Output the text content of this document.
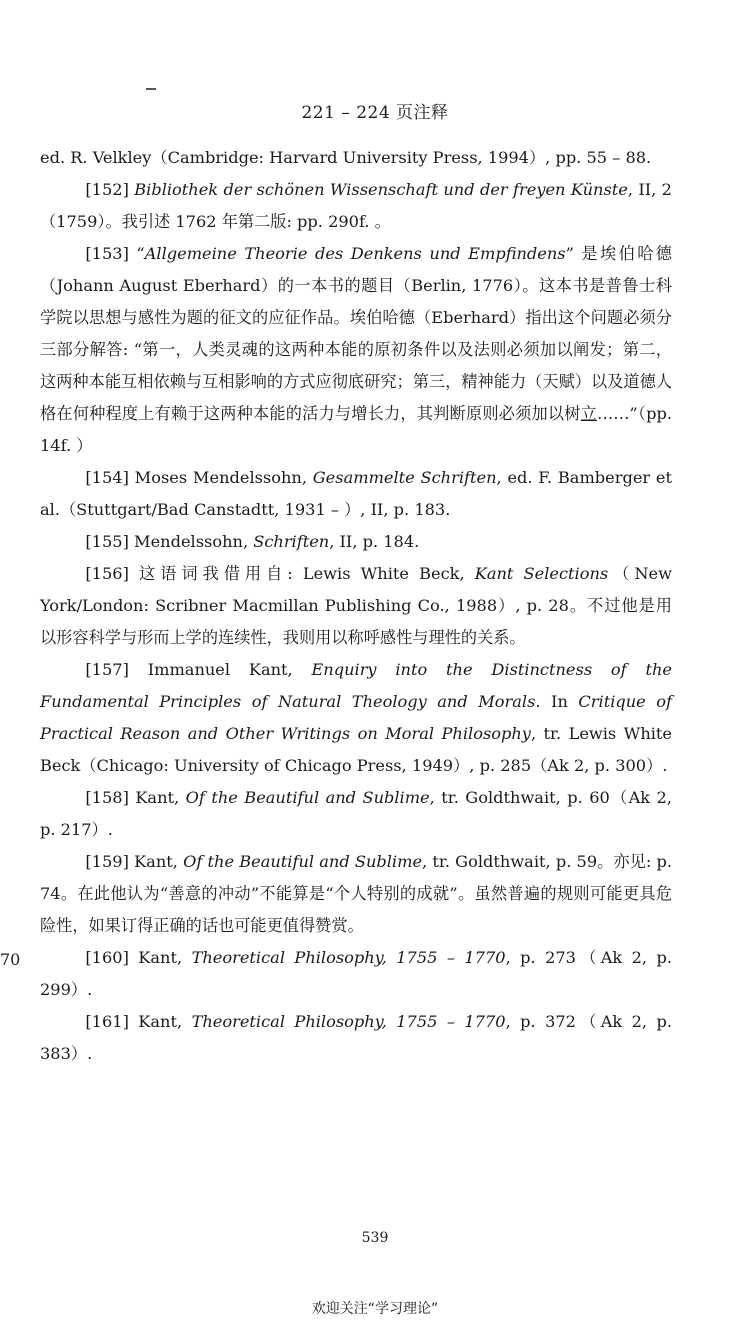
221 – 224 页注释

ed. R. Velkley（Cambridge: Harvard University Press, 1994）, pp. 55 – 88.

[152] Bibliothek der schönen Wissenschaft und der freyen Künste, II, 2（1759）。我引述 1762 年第二版: pp. 290f. 。

[153] “Allgemeine Theorie des Denkens und Empfindens” 是埃伯哈德（Johann August Eberhard）的一本书的题目（Berlin, 1776）。这本书是普鲁士科学院以思想与感性为题的征文的应征作品。埃伯哈德（Eberhard）指出这个问题必须分三部分解答: “第一，人类灵魂的这两种本能的原初条件以及法则必须加以阐发；第二，这两种本能互相依赖与互相影响的方式应彻底研究；第三，精神能力（天赋）以及道德人格在何种程度上有赖于这两种本能的活力与增长力，其判断原则必须加以树立……”（pp. 14f. ）

[154] Moses Mendelssohn, Gesammelte Schriften, ed. F. Bamberger et al.（Stuttgart/Bad Canstadtt, 1931 – ）, II, p. 183.

[155] Mendelssohn, Schriften, II, p. 184.

[156] 这语词我借用自: Lewis White Beck, Kant Selections（New York/London: Scribner Macmillan Publishing Co., 1988）, p. 28。不过他是用以形容科学与形而上学的连续性，我则用以称呼感性与理性的关系。

[157] Immanuel Kant, Enquiry into the Distinctness of the Fundamental Principles of Natural Theology and Morals. In Critique of Practical Reason and Other Writings on Moral Philosophy, tr. Lewis White Beck（Chicago: University of Chicago Press, 1949）, p. 285（Ak 2, p. 300）.

[158] Kant, Of the Beautiful and Sublime, tr. Goldthwait, p. 60（Ak 2, p. 217）.

[159] Kant, Of the Beautiful and Sublime, tr. Goldthwait, p. 59。亦见: p. 74。在此他认为“善意的冲动”不能算是“个人特别的成就”。虽然普遍的规则可能更具危险性，如果订得正确的话也可能更值得赞赏。

[160] Kant, Theoretical Philosophy, 1755 – 1770, p. 273（Ak 2, p. 299）.

[161] Kant, Theoretical Philosophy, 1755 – 1770, p. 372（Ak 2, p. 383）.

70
539
欢迎关注“学习理论”
